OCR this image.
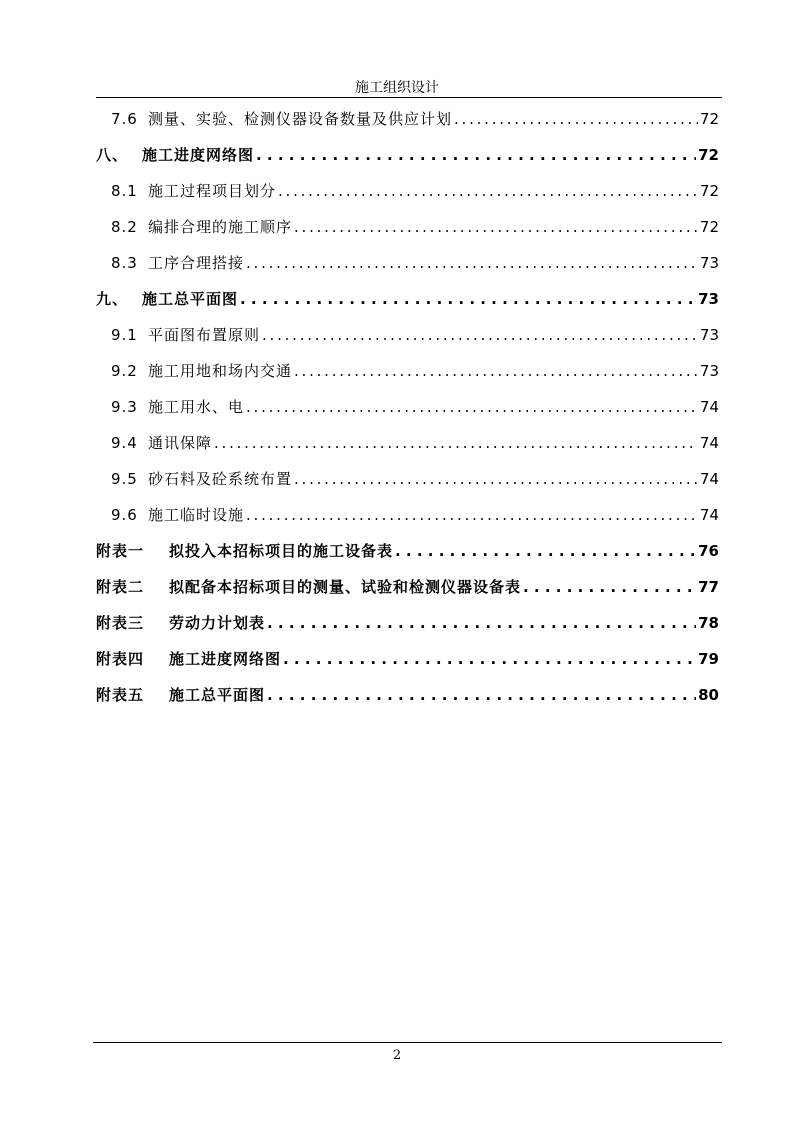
施工组织设计
7.6 测量、实验、检测仪器设备数量及供应计划 . . .	72
八、 施工进度网络图 . . .	72
8.1 施工过程项目划分 . . .	72
8.2 编排合理的施工顺序 . . .	72
8.3 工序合理搭接 . . .	73
九、 施工总平面图 . . .	73
9.1 平面图布置原则 . . .	73
9.2 施工用地和场内交通 . . .	73
9.3 施工用水、电 . . .	74
9.4 通讯保障 . . .	74
9.5 砂石料及砼系统布置 . . .	74
9.6 施工临时设施 . . .	74
附表一	拟投入本招标项目的施工设备表 . . .	76
附表二	拟配备本招标项目的测量、试验和检测仪器设备表 . . .	77
附表三	劳动力计划表 . . .	78
附表四	施工进度网络图 . . .	79
附表五	施工总平面图 . . .	80
2
